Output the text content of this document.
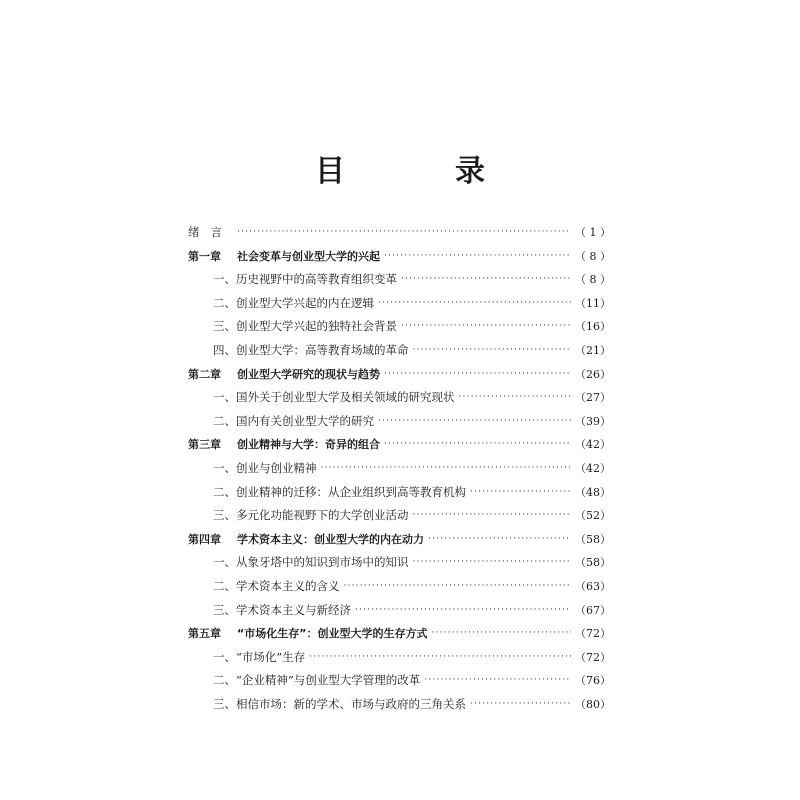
目　录
绪言 ·····	（ 1 ）
第一章 社会变革与创业型大学的兴起 ·····	（ 8 ）
一、历史视野中的高等教育组织变革 ·····	（ 8 ）
二、创业型大学兴起的内在逻辑 ·····	（11）
三、创业型大学兴起的独特社会背景 ·····	（16）
四、创业型大学：高等教育场域的革命 ·····	（21）
第二章 创业型大学研究的现状与趋势 ·····	（26）
一、国外关于创业型大学及相关领域的研究现状 ·····	（27）
二、国内有关创业型大学的研究 ·····	（39）
第三章 创业精神与大学：奇异的组合 ·····	（42）
一、创业与创业精神 ·····	（42）
二、创业精神的迁移：从企业组织到高等教育机构 ·····	（48）
三、多元化功能视野下的大学创业活动 ·····	（52）
第四章 学术资本主义：创业型大学的内在动力 ·····	（58）
一、从象牙塔中的知识到市场中的知识 ·····	（58）
二、学术资本主义的含义 ·····	（63）
三、学术资本主义与新经济 ·····	（67）
第五章 “市场化生存”：创业型大学的生存方式 ·····	（72）
一、“市场化”生存 ·····	（72）
二、“企业精神”与创业型大学管理的改革 ·····	（76）
三、相信市场：新的学术、市场与政府的三角关系 ·····	（80）
